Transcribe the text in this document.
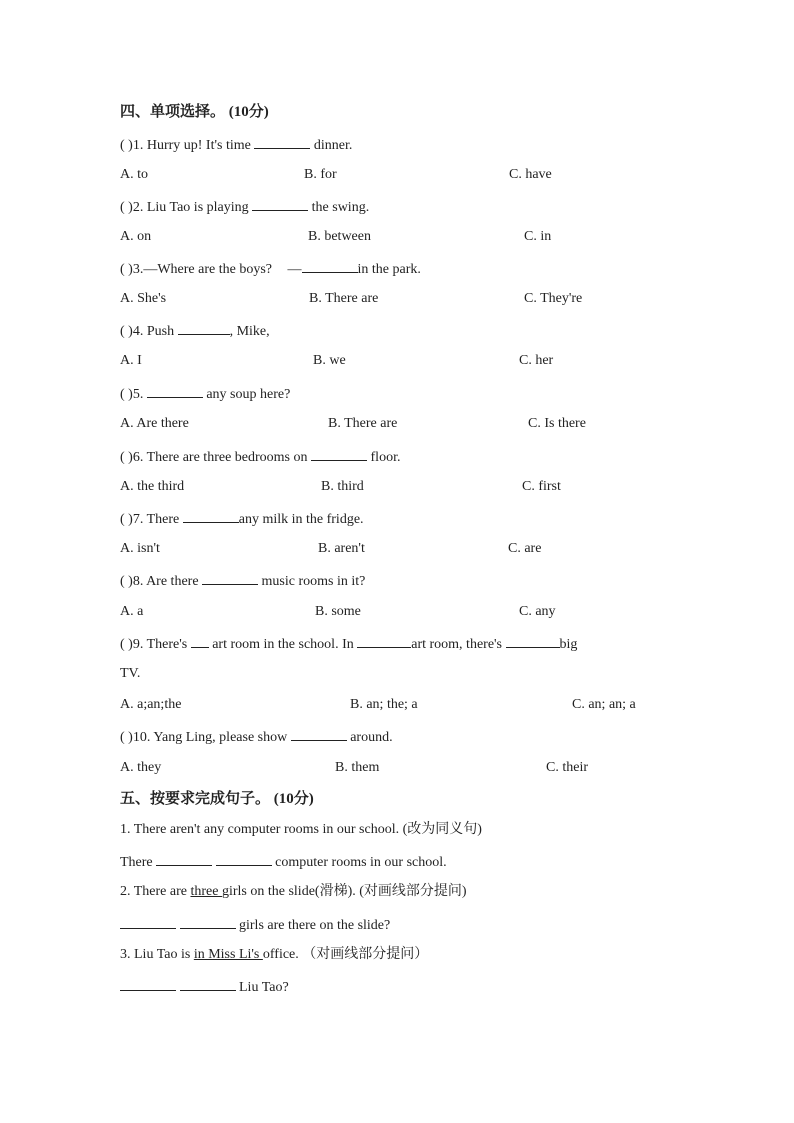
四、单项选择。 (10分)
( )1. Hurry up! It's time	dinner.
A. to	B. for	C. have
( )2. Liu Tao is playing	the swing.
A. on	B. between	C. in
( )3.—Where are the boys? —	in the park.
A. She's	B. There are	C. They're
( )4. Push	, Mike,
A. I	B. we	C. her
( )5.	any soup here?
A. Are there	B. There are	C. Is there
( )6. There are three bedrooms on	floor.
A. the third	B. third	C. first
( )7. There	any milk in the fridge.
A. isn't	B. aren't	C. are
( )8. Are there	music rooms in it?
A. a	B. some	C. any
( )9. There's art room in the school. In	art room, there's	big
TV.
A. a;an;the	B. an; the; a	C. an; an; a
( )10. Yang Ling, please show	around.
A. they	B. them	C. their
五、按要求完成句子。 (10分)
1. There aren't any computer rooms in our school. (改为同义句)
There	computer rooms in our school.
2. There are three girls on the slide(滑梯). (对画线部分提问)
girls are there on the slide?
3. Liu Tao is in Miss Li's office. （对画线部分提问）
Liu Tao?
